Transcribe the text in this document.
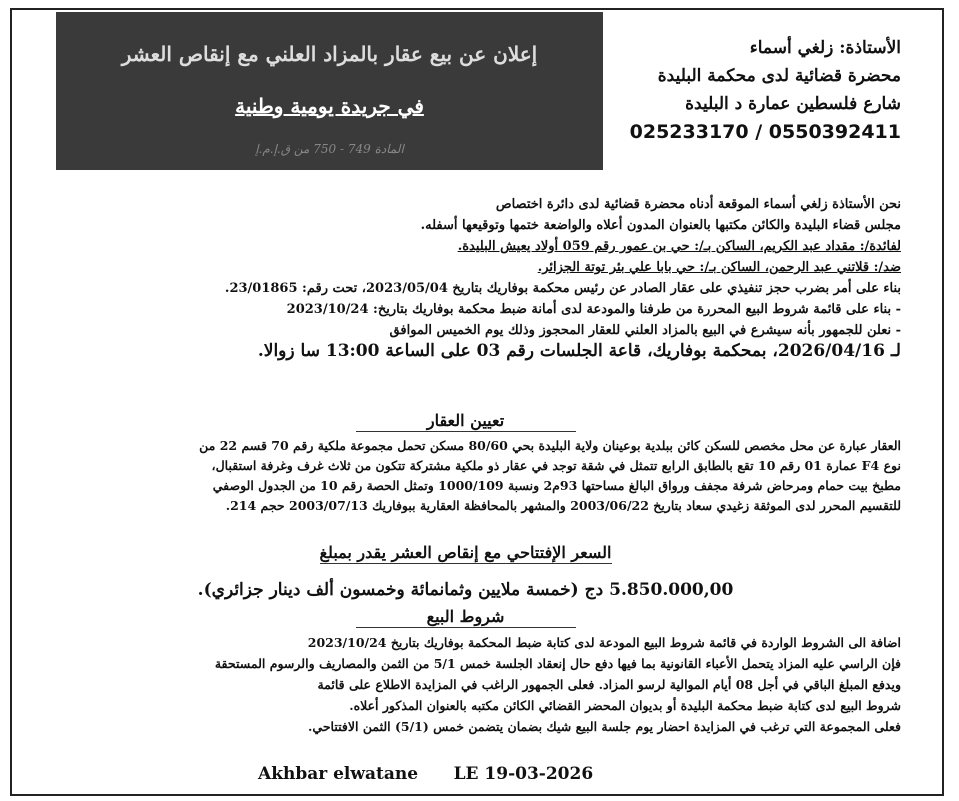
إعلان عن بيع عقار بالمزاد العلني مع إنقاص العشر
في جريدة يومية وطنية
المادة 749 - 750 من ق.إ.م.إ
الأستاذة: زلغي أسماء
محضرة قضائية لدى محكمة البليدة
شارع فلسطين عمارة د البليدة
025233170 / 0550392411
نحن الأستاذة زلغي أسماء الموقعة أدناه محضرة قضائية لدى دائرة اختصاص
مجلس قضاء البليدة والكائن مكتبها بالعنوان المدون أعلاه والواضعة ختمها وتوقيعها أسفله.
لفائدة/: مقداد عبد الكريم، الساكن بـ/: حي بن عمور رقم 059 أولاد يعيش البليدة.
ضد/: قلاتني عبد الرحمن، الساكن بـ/: حي بابا علي بئر توتة الجزائر.
بناء على أمر بضرب حجز تنفيذي على عقار الصادر عن رئيس محكمة بوفاريك بتاريخ 2023/05/04، تحت رقم: 23/01865.
- بناء على قائمة شروط البيع المحررة من طرفنا والمودعة لدى أمانة ضبط محكمة بوفاريك بتاريخ: 2023/10/24
- نعلن للجمهور بأنه سيشرع في البيع بالمزاد العلني للعقار المحجوز وذلك يوم الخميس الموافق
لـ 2026/04/16، بمحكمة بوفاريك، قاعة الجلسات رقم 03 على الساعة 13:00 سا زوالا.
تعيين العقار
العقار عبارة عن محل مخصص للسكن كائن ببلدية بوعينان ولاية البليدة بحي 80/60 مسكن تحمل مجموعة ملكية رقم 70 قسم 22 من
نوع F4 عمارة 01 رقم 10 تقع بالطابق الرابع تتمثل في شقة توجد في عقار ذو ملكية مشتركة تتكون من ثلاث غرف وغرفة استقبال،
مطبخ بيت حمام ومرحاض شرفة مجفف ورواق البالغ مساحتها 93م2 ونسبة 1000/109 وتمثل الحصة رقم 10 من الجدول الوصفي
للتقسيم المحرر لدى الموثقة زغيدي سعاد بتاريخ 2003/06/22 والمشهر بالمحافظة العقارية ببوفاريك 2003/07/13 حجم 214.
السعر الإفتتاحي مع إنقاص العشر يقدر بمبلغ
5.850.000,00 دج (خمسة ملايين وثمانمائة وخمسون ألف دينار جزائري).
شروط البيع
اضافة الى الشروط الواردة في قائمة شروط البيع المودعة لدى كتابة ضبط المحكمة بوفاريك بتاريخ 2023/10/24
فإن الراسي عليه المزاد يتحمل الأعباء القانونية بما فيها دفع حال إنعقاد الجلسة خمس 5/1 من الثمن والمصاريف والرسوم المستحقة
ويدفع المبلغ الباقي في أجل 08 أيام الموالية لرسو المزاد. فعلى الجمهور الراغب في المزايدة الاطلاع على قائمة
شروط البيع لدى كتابة ضبط محكمة البليدة أو بديوان المحضر القضائي الكائن مكتبه بالعنوان المذكور أعلاه.
فعلى المجموعة التي ترغب في المزايدة احضار يوم جلسة البيع شيك بضمان يتضمن خمس (5/1) الثمن الافتتاحي.
Akhbar elwatane      LE 19-03-2026
